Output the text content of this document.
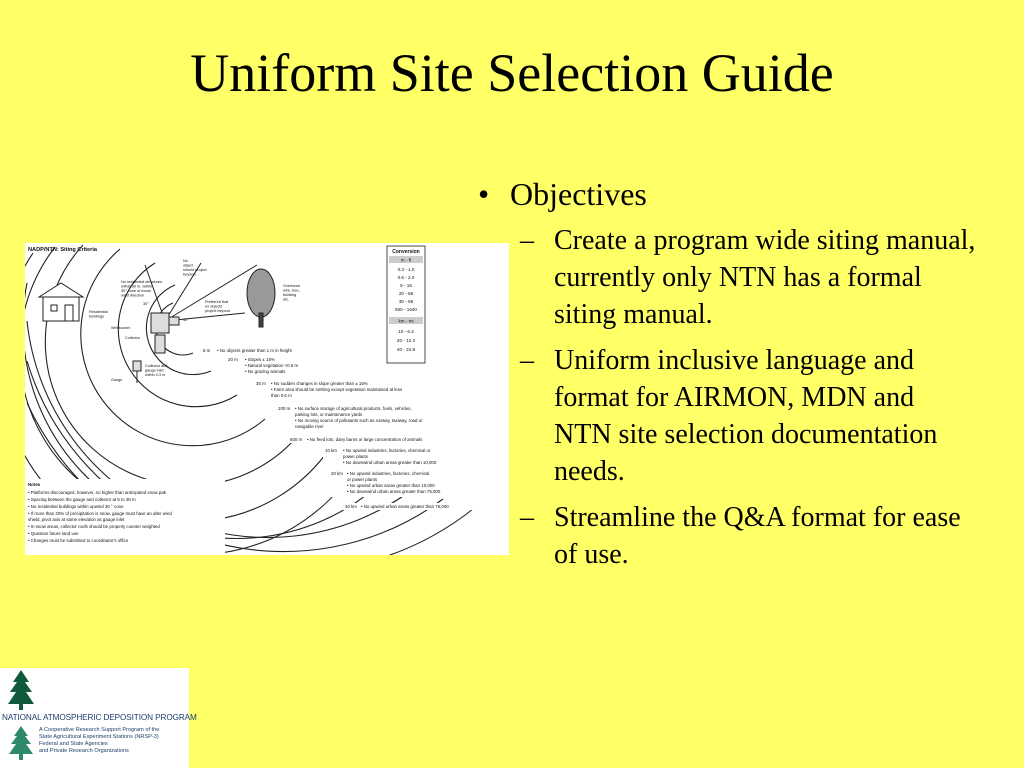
Uniform Site Selection Guide
• Objectives
– Create a program wide siting manual, currently only NTN has a formal siting manual.
– Uniform inclusive language and format for AIRMON, MDN and NTN site selection documentation needs.
– Streamline the Q&A format for ease of use.
NADP/NTN: Siting Criteria	Conversion
m - ft
0.3 - 1.0
0.6 - 2.0
5 - 16
20 - 66
30 - 98
500 - 1640
km - mi
10 - 6.2
20 - 12.4
40 - 24.8
No
object
should project
beyond
No residential structures
within 30 m, within
30° cone of mean
wind direction
Overhead
wire, tree,
building
etc.
Preferred that
no objects
project beyond
Residential
buildings
Wet bucket
Collector
Gauge
Collector and
gauge inlet
within 0.3 m
30°
45°
5 m • No objects greater than 1 m in height
20 m • Slopes ± 15%
• Natural vegetation <0.6 m
• No grazing animals
30 m • No sudden changes in slope greater than ± 15%
• Farm area should be nothing except vegetation maintained at less
than 0.6 m
100 m • No surface storage of agricultural products, fuels, vehicles,
parking lots, or maintenance yards
• No moving source of pollutants such as runway, taxiway, road or
navigable river
500 m • No feed lots, dairy barns or large concentration of animals
10 km • No upwind industries, factories, chemical or
power plants
• No downwind urban areas greater than 10,000
20 km • No upwind industries, factories, chemical
or power plants
• No upwind urban areas greater than 10,000
• No downwind urban areas greater than 75,000
40 km • No upwind urban areas greater than 75,000
Notes
• Platforms discouraged, however, no higher than anticipated snow pak
• Spacing between the gauge and collector at 5 to 30 m
• No residential buildings within upwind 30 ° cone
• If more than 20% of precipitation is snow, gauge must have an alter wind
shield, pivot axis at same elevation as gauge inlet
• In snow areas, collector roofs should be properly counter weighted
• Question future land use
• Changes must be submitted to coordinator's office
NATIONAL ATMOSPHERIC DEPOSITION PROGRAM
A Cooperative Research Support Program of the
State Agricultural Experiment Stations (NRSP-3)
Federal and State Agencies
and Private Research Organizations
